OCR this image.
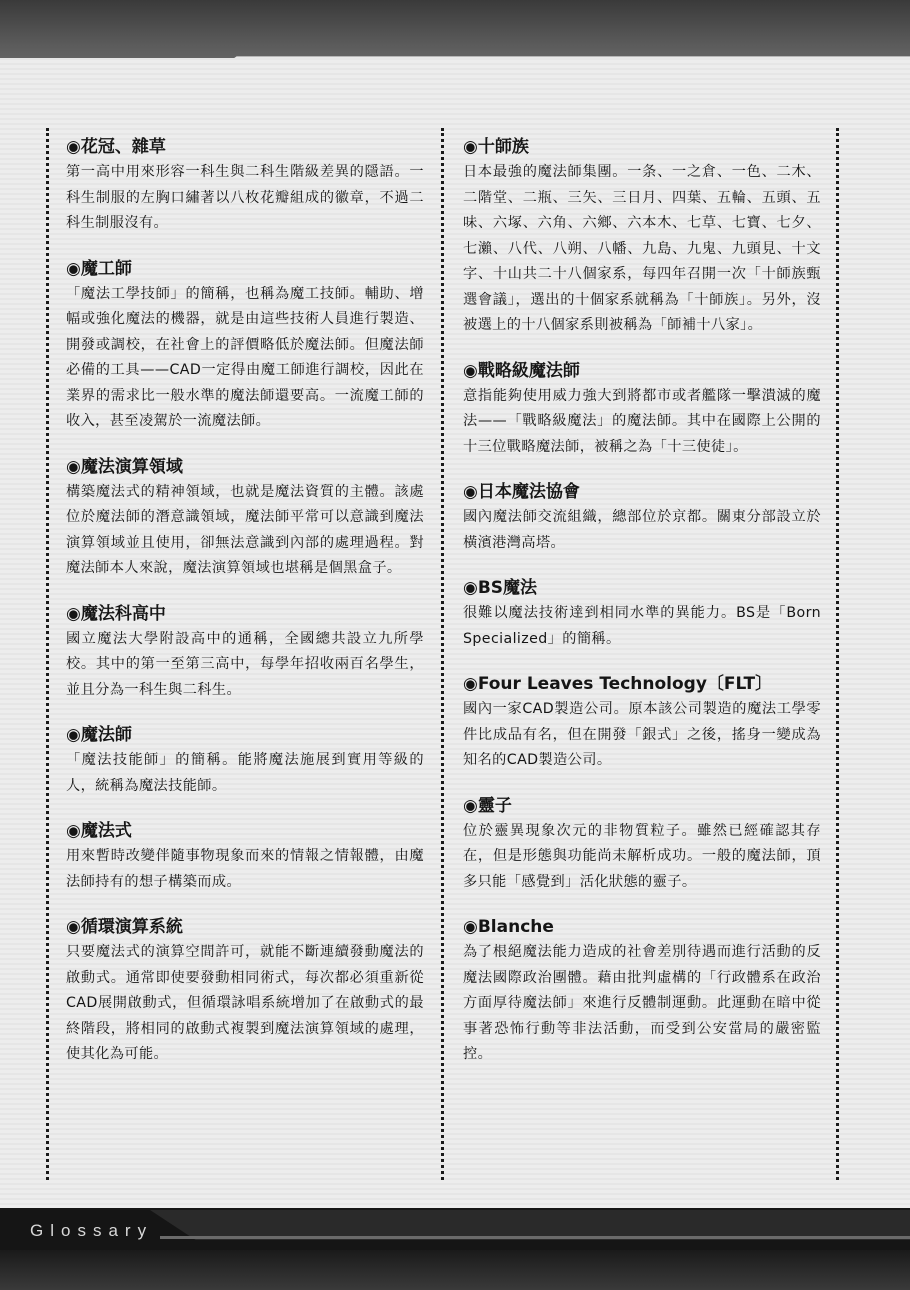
◉花冠、雜草

第一高中用來形容一科生與二科生階級差異的隱語。一科生制服的左胸口繡著以八枚花瓣組成的徽章，不過二科生制服沒有。

◉魔工師

「魔法工學技師」的簡稱，也稱為魔工技師。輔助、增幅或強化魔法的機器，就是由這些技術人員進行製造、開發或調校，在社會上的評價略低於魔法師。但魔法師必備的工具——CAD一定得由魔工師進行調校，因此在業界的需求比一般水準的魔法師還要高。一流魔工師的收入，甚至凌駕於一流魔法師。

◉魔法演算領域

構築魔法式的精神領域，也就是魔法資質的主體。該處位於魔法師的潛意識領域，魔法師平常可以意識到魔法演算領域並且使用，卻無法意識到內部的處理過程。對魔法師本人來說，魔法演算領域也堪稱是個黑盒子。

◉魔法科高中

國立魔法大學附設高中的通稱，全國總共設立九所學校。其中的第一至第三高中，每學年招收兩百名學生，並且分為一科生與二科生。

◉魔法師

「魔法技能師」的簡稱。能將魔法施展到實用等級的人，統稱為魔法技能師。

◉魔法式

用來暫時改變伴隨事物現象而來的情報之情報體，由魔法師持有的想子構築而成。

◉循環演算系統

只要魔法式的演算空間許可，就能不斷連續發動魔法的啟動式。通常即使要發動相同術式，每次都必須重新從CAD展開啟動式，但循環詠唱系統增加了在啟動式的最終階段，將相同的啟動式複製到魔法演算領域的處理，使其化為可能。

◉十師族

日本最強的魔法師集團。一条、一之倉、一色、二木、二階堂、二瓶、三矢、三日月、四葉、五輪、五頭、五味、六塚、六角、六鄉、六本木、七草、七寶、七夕、七瀨、八代、八朔、八幡、九島、九鬼、九頭見、十文字、十山共二十八個家系，每四年召開一次「十師族甄選會議」，選出的十個家系就稱為「十師族」。另外，沒被選上的十八個家系則被稱為「師補十八家」。

◉戰略級魔法師

意指能夠使用威力強大到將都市或者艦隊一擊潰滅的魔法——「戰略級魔法」的魔法師。其中在國際上公開的十三位戰略魔法師，被稱之為「十三使徒」。

◉日本魔法協會

國內魔法師交流組織，總部位於京都。關東分部設立於橫濱港灣高塔。

◉BS魔法

很難以魔法技術達到相同水準的異能力。BS是「Born Specialized」的簡稱。

◉Four Leaves Technology〔FLT〕

國內一家CAD製造公司。原本該公司製造的魔法工學零件比成品有名，但在開發「銀式」之後，搖身一變成為知名的CAD製造公司。

◉靈子

位於靈異現象次元的非物質粒子。雖然已經確認其存在，但是形態與功能尚未解析成功。一般的魔法師，頂多只能「感覺到」活化狀態的靈子。

◉Blanche

為了根絕魔法能力造成的社會差別待遇而進行活動的反魔法國際政治團體。藉由批判虛構的「行政體系在政治方面厚待魔法師」來進行反體制運動。此運動在暗中從事著恐怖行動等非法活動，而受到公安當局的嚴密監控。

Glossary
